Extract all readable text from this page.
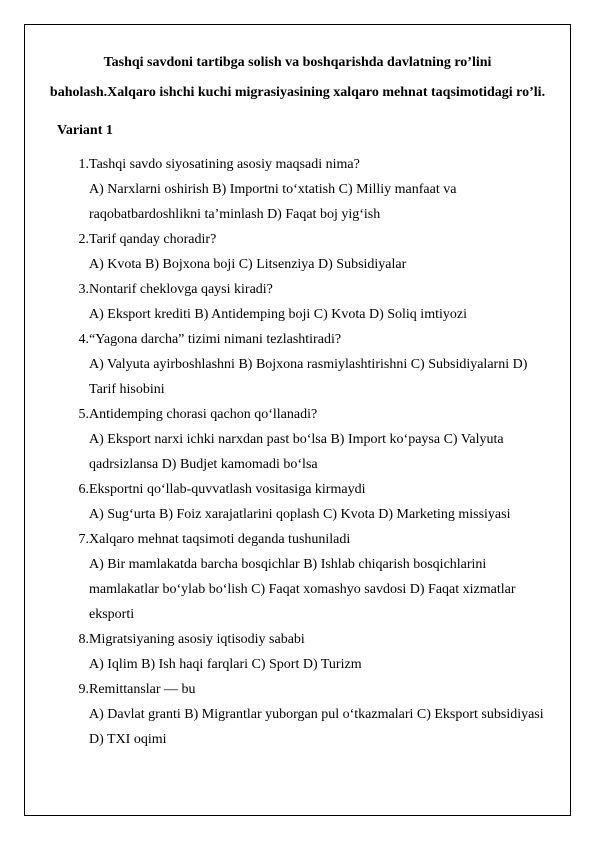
Tashqi savdoni tartibga solish va boshqarishda davlatning ro’lini
baholash.Xalqaro ishchi kuchi migrasiyasining xalqaro mehnat taqsimotidagi ro’li.
Variant 1
1. Tashqi savdo siyosatining asosiy maqsadi nima?
A) Narxlarni oshirish B) Importni to‘xtatish C) Milliy manfaat va
raqobatbardoshlikni ta’minlash D) Faqat boj yig‘ish
2. Tarif qanday choradir?
A) Kvota B) Bojxona boji C) Litsenziya D) Subsidiyalar
3. Nontarif cheklovga qaysi kiradi?
A) Eksport krediti B) Antidemping boji C) Kvota D) Soliq imtiyozi
4. “Yagona darcha” tizimi nimani tezlashtiradi?
A) Valyuta ayirboshlashni B) Bojxona rasmiylashtirishni C) Subsidiyalarni D)
Tarif hisobini
5. Antidemping chorasi qachon qo‘llanadi?
A) Eksport narxi ichki narxdan past bo‘lsa B) Import ko‘paysa C) Valyuta
qadrsizlansa D) Budjet kamomadi bo‘lsa
6. Eksportni qo‘llab-quvvatlash vositasiga kirmaydi
A) Sug‘urta B) Foiz xarajatlarini qoplash C) Kvota D) Marketing missiyasi
7. Xalqaro mehnat taqsimoti deganda tushuniladi
A) Bir mamlakatda barcha bosqichlar B) Ishlab chiqarish bosqichlarini
mamlakatlar bo‘ylab bo‘lish C) Faqat xomashyo savdosi D) Faqat xizmatlar
eksporti
8. Migratsiyaning asosiy iqtisodiy sababi
A) Iqlim B) Ish haqi farqlari C) Sport D) Turizm
9. Remittanslar — bu
A) Davlat granti B) Migrantlar yuborgan pul o‘tkazmalari C) Eksport subsidiyasi
D) TXI oqimi
